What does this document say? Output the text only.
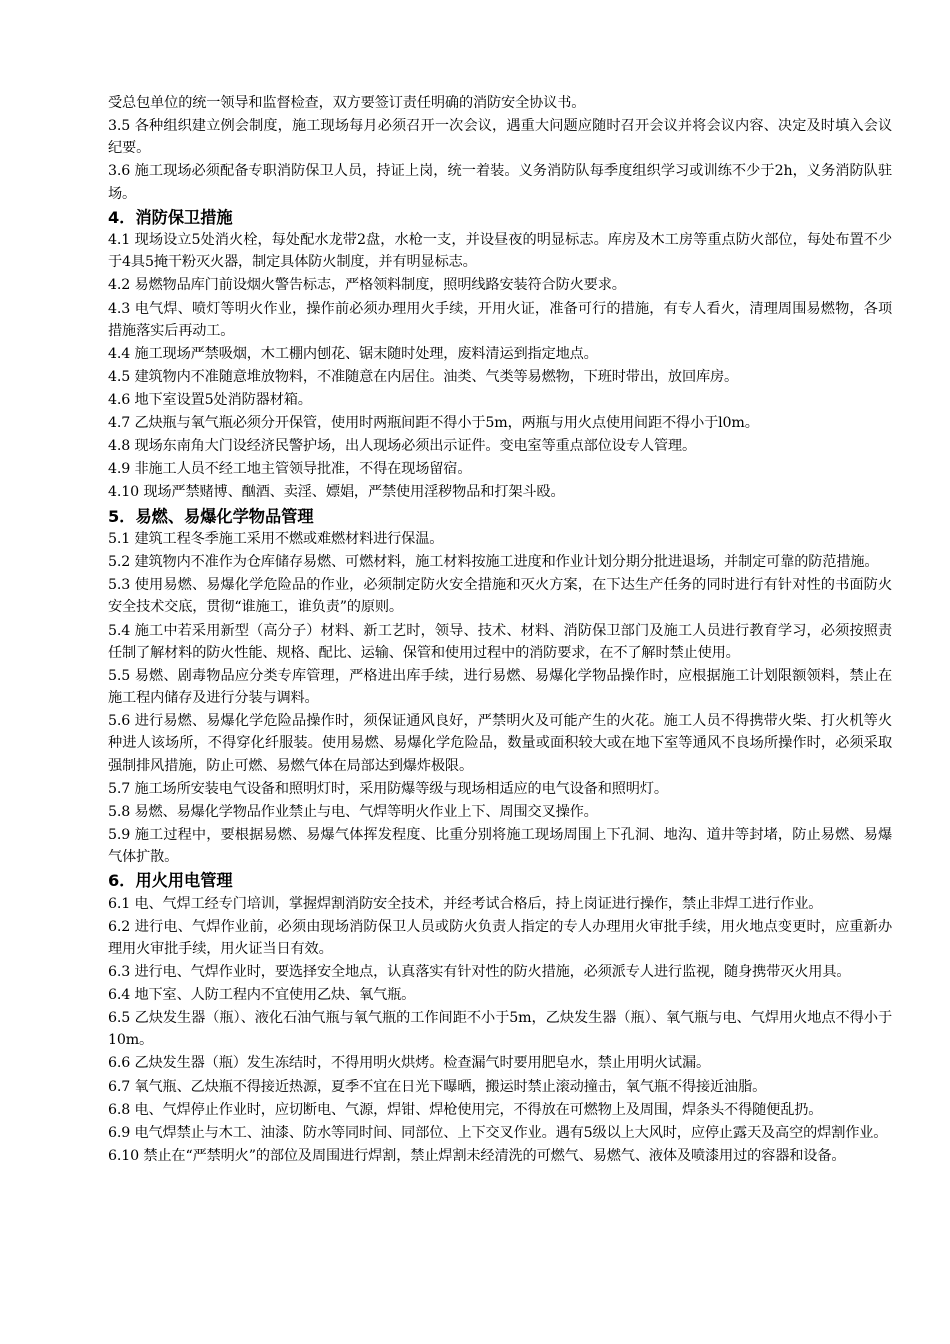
受总包单位的统一领导和监督检查，双方要签订责任明确的消防安全协议书。
3.5 各种组织建立例会制度，施工现场每月必须召开一次会议，遇重大问题应随时召开会议并将会议内容、决定及时填入会议纪要。
3.6 施工现场必须配备专职消防保卫人员，持证上岗，统一着装。义务消防队每季度组织学习或训练不少于2h，义务消防队驻场。
4．消防保卫措施
4.1 现场设立5处消火栓，每处配水龙带2盘，水枪一支，并设昼夜的明显标志。库房及木工房等重点防火部位，每处布置不少于4具5掩干粉灭火器，制定具体防火制度，并有明显标志。
4.2 易燃物品库门前设烟火警告标志，严格领料制度，照明线路安装符合防火要求。
4.3 电气焊、喷灯等明火作业，操作前必须办理用火手续，开用火证，准备可行的措施，有专人看火，清理周围易燃物，各项措施落实后再动工。
4.4 施工现场严禁吸烟，木工棚内刨花、锯末随时处理，废料清运到指定地点。
4.5 建筑物内不准随意堆放物料，不准随意在内居住。油类、气类等易燃物，下班时带出，放回库房。
4.6 地下室设置5处消防器材箱。
4.7 乙炔瓶与氧气瓶必须分开保管，使用时两瓶间距不得小于5m，两瓶与用火点使用间距不得小于l0m。
4.8 现场东南角大门设经济民警护场，出人现场必须出示证件。变电室等重点部位设专人管理。
4.9 非施工人员不经工地主管领导批准，不得在现场留宿。
4.10 现场严禁赌博、酗酒、卖淫、嫖娼，严禁使用淫秽物品和打架斗殴。
5．易燃、易爆化学物品管理
5.1 建筑工程冬季施工采用不燃或难燃材料进行保温。
5.2 建筑物内不准作为仓库储存易燃、可燃材料，施工材料按施工进度和作业计划分期分批进退场，并制定可靠的防范措施。
5.3 使用易燃、易爆化学危险品的作业，必须制定防火安全措施和灭火方案，在下达生产任务的同时进行有针对性的书面防火安全技术交底，贯彻“谁施工，谁负责”的原则。
5.4 施工中若采用新型（高分子）材料、新工艺时，领导、技术、材料、消防保卫部门及施工人员进行教育学习，必须按照责任制了解材料的防火性能、规格、配比、运输、保管和使用过程中的消防要求，在不了解时禁止使用。
5.5 易燃、剧毒物品应分类专库管理，严格进出库手续，进行易燃、易爆化学物品操作时，应根据施工计划限额领料，禁止在施工程内储存及进行分装与调料。
5.6 进行易燃、易爆化学危险品操作时，须保证通风良好，严禁明火及可能产生的火花。施工人员不得携带火柴、打火机等火种进人该场所，不得穿化纤服装。使用易燃、易爆化学危险品，数量或面积较大或在地下室等通风不良场所操作时，必须采取强制排风措施，防止可燃、易燃气体在局部达到爆炸极限。
5.7 施工场所安装电气设备和照明灯时，采用防爆等级与现场相适应的电气设备和照明灯。
5.8 易燃、易爆化学物品作业禁止与电、气焊等明火作业上下、周围交叉操作。
5.9 施工过程中，要根据易燃、易爆气体挥发程度、比重分别将施工现场周围上下孔洞、地沟、道井等封堵，防止易燃、易爆气体扩散。
6．用火用电管理
6.1 电、气焊工经专门培训，掌握焊割消防安全技术，并经考试合格后，持上岗证进行操作，禁止非焊工进行作业。
6.2 进行电、气焊作业前，必须由现场消防保卫人员或防火负责人指定的专人办理用火审批手续，用火地点变更时，应重新办理用火审批手续，用火证当日有效。
6.3 进行电、气焊作业时，要选择安全地点，认真落实有针对性的防火措施，必须派专人进行监视，随身携带灭火用具。
6.4 地下室、人防工程内不宜使用乙炔、氧气瓶。
6.5 乙炔发生器（瓶）、液化石油气瓶与氧气瓶的工作间距不小于5m，乙炔发生器（瓶）、氧气瓶与电、气焊用火地点不得小于10m。
6.6 乙炔发生器（瓶）发生冻结时，不得用明火烘烤。检查漏气时要用肥皂水，禁止用明火试漏。
6.7 氧气瓶、乙炔瓶不得接近热源，夏季不宜在日光下曝晒，搬运时禁止滚动撞击，氧气瓶不得接近油脂。
6.8 电、气焊停止作业时，应切断电、气源，焊钳、焊枪使用完，不得放在可燃物上及周围，焊条头不得随便乱扔。
6.9 电气焊禁止与木工、油漆、防水等同时间、同部位、上下交叉作业。遇有5级以上大风时，应停止露天及高空的焊割作业。
6.10 禁止在“严禁明火”的部位及周围进行焊割，禁止焊割未经清洗的可燃气、易燃气、液体及喷漆用过的容器和设备。
